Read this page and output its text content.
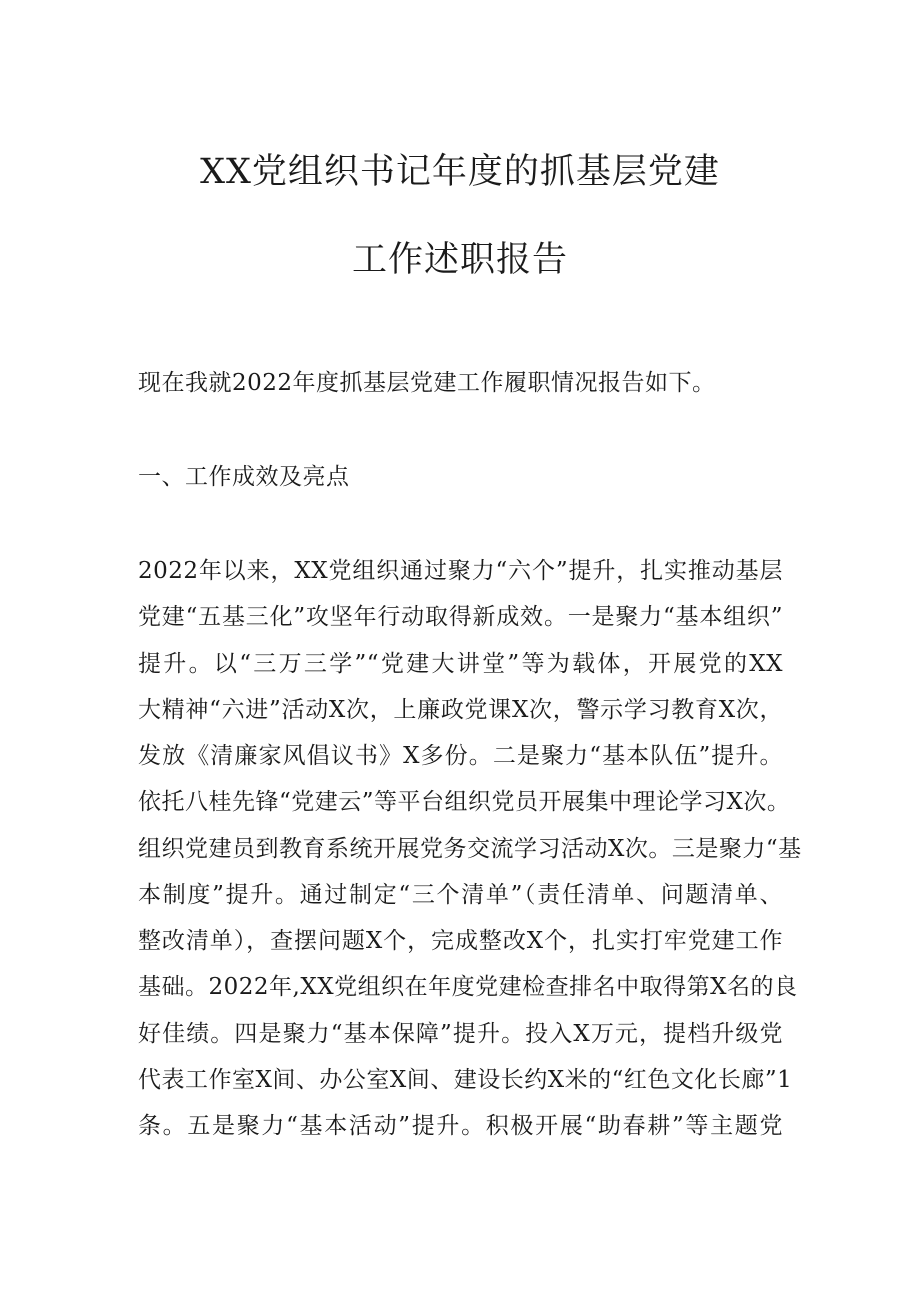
XX党组织书记年度的抓基层党建
工作述职报告
现在我就2022年度抓基层党建工作履职情况报告如下。
一、工作成效及亮点
2022年以来，XX党组织通过聚力“六个”提升，扎实推动基层
党建“五基三化”攻坚年行动取得新成效。一是聚力“基本组织”
提升。以“三万三学”“党建大讲堂”等为载体，开展党的XX
大精神“六进”活动X次，上廉政党课X次，警示学习教育X次，
发放《清廉家风倡议书》X多份。二是聚力“基本队伍”提升。
依托八桂先锋“党建云”等平台组织党员开展集中理论学习X次。
组织党建员到教育系统开展党务交流学习活动X次。三是聚力“基
本制度”提升。通过制定“三个清单”（责任清单、问题清单、
整改清单），查摆问题X个，完成整改X个，扎实打牢党建工作
基础。2022年,XX党组织在年度党建检查排名中取得第X名的良
好佳绩。四是聚力“基本保障”提升。投入X万元，提档升级党
代表工作室X间、办公室X间、建设长约X米的“红色文化长廊”1
条。五是聚力“基本活动”提升。积极开展“助春耕”等主题党
